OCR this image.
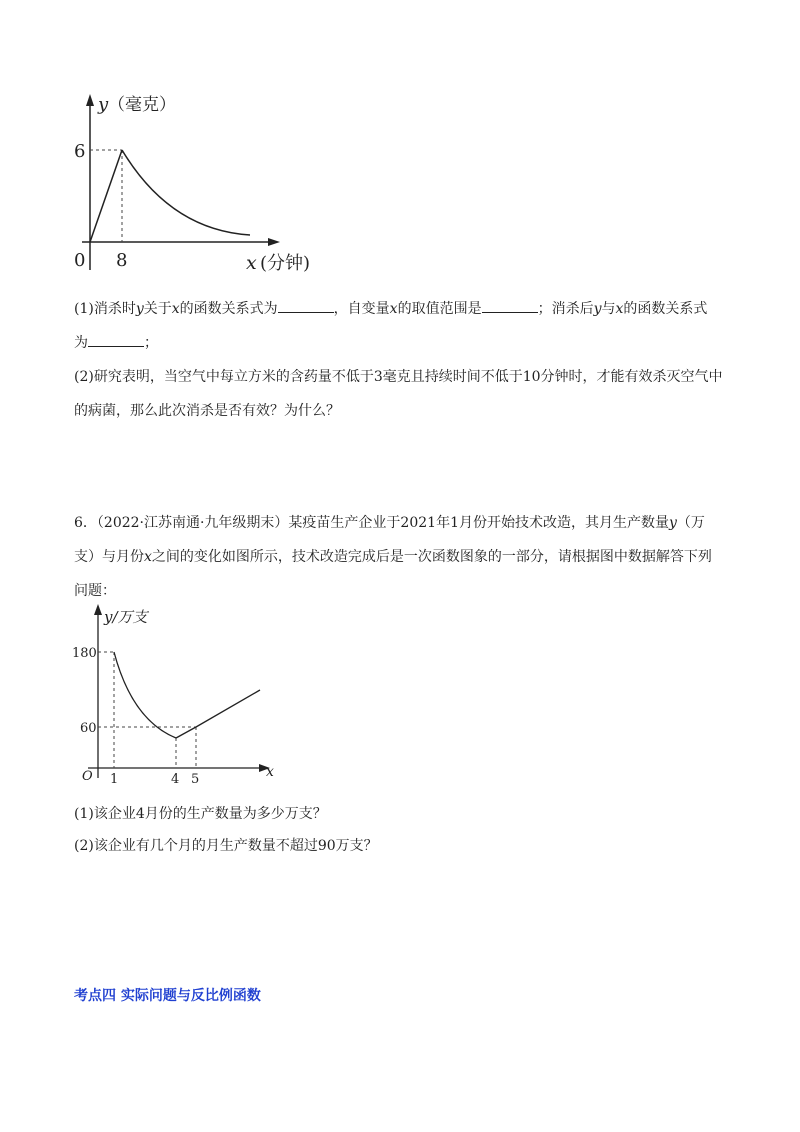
y （毫克）
6
0 8	x (分钟)
(1)消杀时y关于x的函数关系式为	，自变量x的取值范围是	；消杀后y与x的函数关系式
为	；
(2)研究表明，当空气中每立方米的含药量不低于3毫克且持续时间不低于10分钟时，才能有效杀灭空气中
的病菌，那么此次消杀是否有效？为什么？
6．（2022·江苏南通·九年级期末）某疫苗生产企业于2021年1月份开始技术改造，其月生产数量y（万
支）与月份x之间的变化如图所示，技术改造完成后是一次函数图象的一部分，请根据图中数据解答下列
问题：
y/万支
180
60
O 1	4 5	x
(1)该企业4月份的生产数量为多少万支？
(2)该企业有几个月的月生产数量不超过90万支？
考点四 实际问题与反比例函数
